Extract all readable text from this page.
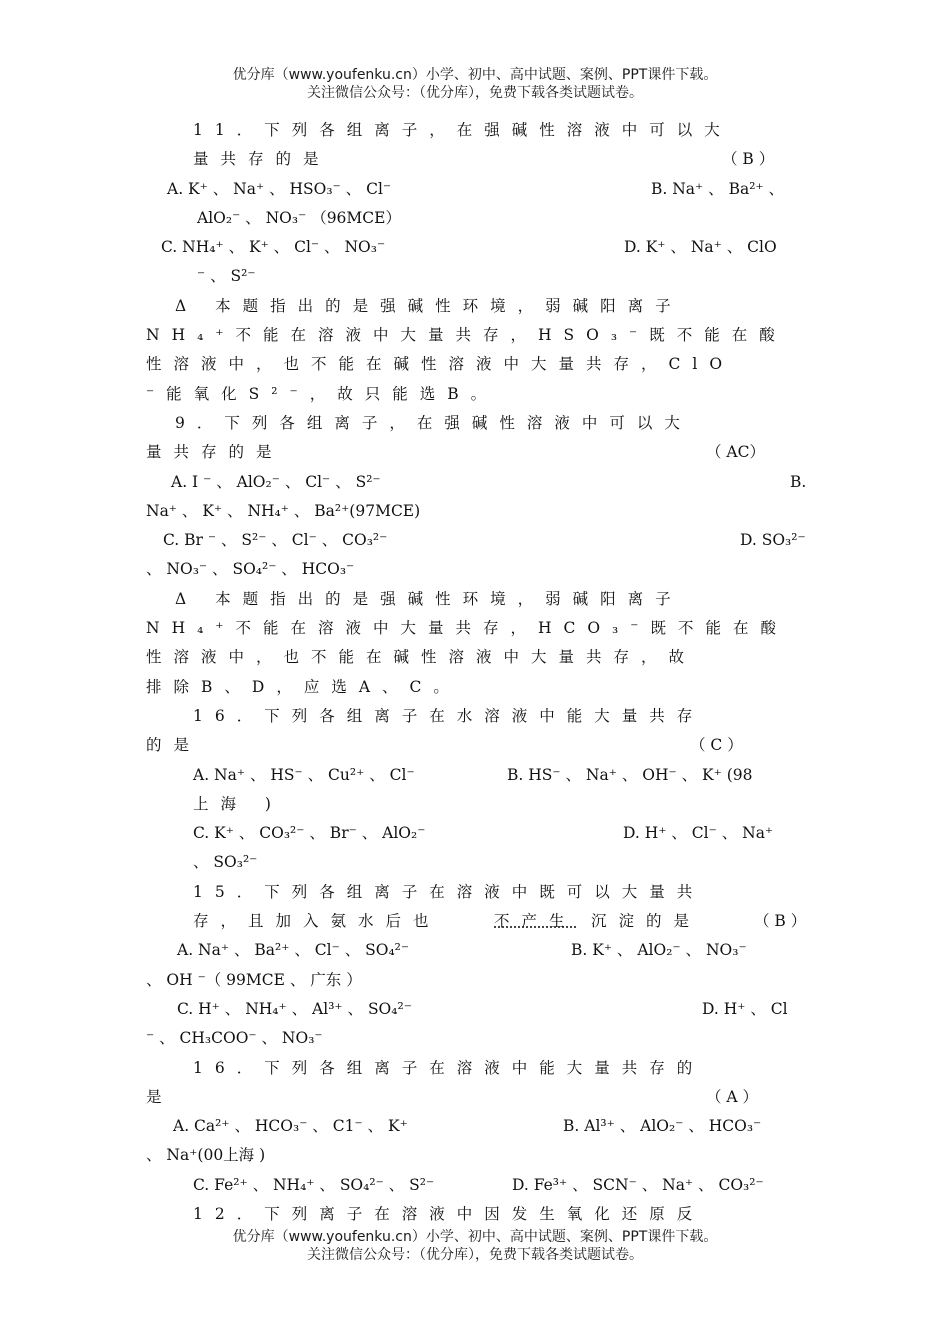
优分库（www.youfenku.cn）小学、初中、高中试题、案例、PPT课件下载。
关注微信公众号：（优分库），免费下载各类试题试卷。
11．下列各组离子，在强碱性溶液中可以大
量共存的是	（ B ）
A. K⁺ 、 Na⁺ 、 HSO₃⁻ 、 Cl⁻	B. Na⁺ 、 Ba²⁺ 、
AlO₂⁻ 、 NO₃⁻ （96MCE）
C. NH₄⁺ 、 K⁺ 、 Cl⁻ 、 NO₃⁻	D. K⁺ 、 Na⁺ 、 ClO
⁻ 、 S²⁻
Δ 本题指出的是强碱性环境，弱碱阳离子
NH₄⁺不能在溶液中大量共存，HSO₃⁻既不能在酸
性溶液中，也不能在碱性溶液中大量共存，ClO
⁻能氧化S²⁻，故只能选B。
9．下列各组离子，在强碱性溶液中可以大
量共存的是	（ AC）
A. I ⁻ 、 AlO₂⁻ 、 Cl⁻ 、 S²⁻	B.
Na⁺ 、 K⁺ 、 NH₄⁺ 、 Ba²⁺(97MCE)
C. Br ⁻ 、 S²⁻ 、 Cl⁻ 、 CO₃²⁻	D. SO₃²⁻
、 NO₃⁻ 、 SO₄²⁻ 、 HCO₃⁻
Δ 本题指出的是强碱性环境，弱碱阳离子
NH₄⁺不能在溶液中大量共存，HCO₃⁻既不能在酸
性溶液中，也不能在碱性溶液中大量共存，故
排除B、D，应选A、C。
16．下列各组离子在水溶液中能大量共存
的是	（ C ）
A. Na⁺ 、 HS⁻ 、 Cu²⁺ 、 Cl⁻	B. HS⁻ 、 Na⁺ 、 OH⁻ 、 K⁺ (98
上海 )
C. K⁺ 、 CO₃²⁻ 、 Br⁻ 、 AlO₂⁻	D. H⁺ 、 Cl⁻ 、 Na⁺
、 SO₃²⁻
15．下列各组离子在溶液中既可以大量共
存，且加入氨水后也	不产生 沉淀的是	（ B ）
A. Na⁺ 、 Ba²⁺ 、 Cl⁻ 、 SO₄²⁻	B. K⁺ 、 AlO₂⁻ 、 NO₃⁻
、 OH ⁻（ 99MCE 、 广东 ）
C. H⁺ 、 NH₄⁺ 、 Al³⁺ 、 SO₄²⁻	D. H⁺ 、 Cl
⁻ 、 CH₃COO⁻ 、 NO₃⁻
16．下列各组离子在溶液中能大量共存的
是	（ A ）
A. Ca²⁺ 、 HCO₃⁻ 、 C1⁻ 、 K⁺	B. Al³⁺ 、 AlO₂⁻ 、 HCO₃⁻
、 Na⁺(00上海 )
C. Fe²⁺ 、 NH₄⁺ 、 SO₄²⁻ 、 S²⁻	D. Fe³⁺ 、 SCN⁻ 、 Na⁺ 、 CO₃²⁻
12．下列离子在溶液中因发生氧化还原反
优分库（www.youfenku.cn）小学、初中、高中试题、案例、PPT课件下载。
关注微信公众号：（优分库），免费下载各类试题试卷。
